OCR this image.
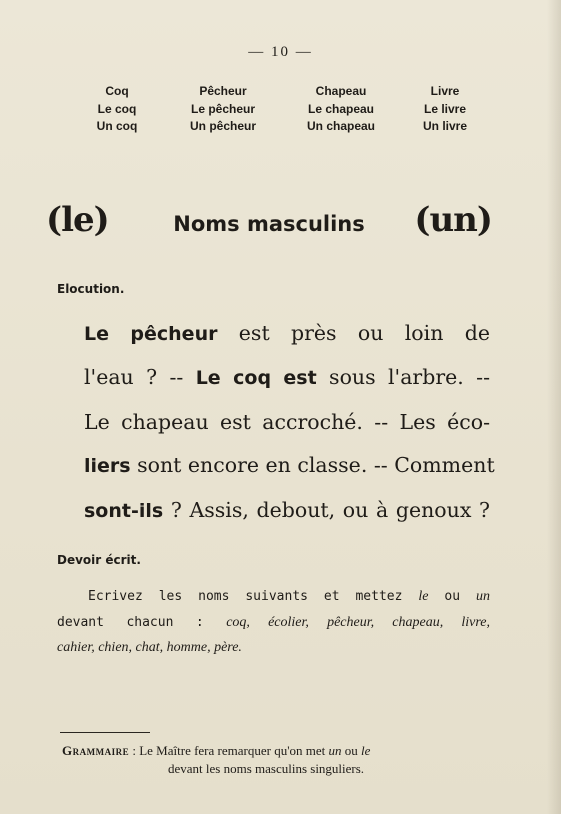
— 10 —
Coq
Le coq
Un coq
Pêcheur
Le pêcheur
Un pêcheur
Chapeau
Le chapeau
Un chapeau
Livre
Le livre
Un livre
(le)	Noms masculins	(un)
Elocution.
Le pêcheur est près ou loin de
l'eau ? -- Le coq est sous l'arbre. --
Le chapeau est accroché. -- Les éco-
liers sont encore en classe. -- Comment
sont-ils ? Assis, debout, ou à genoux ?
Devoir écrit.
Ecrivez les noms suivants et mettez le ou un
devant chacun : coq, écolier, pêcheur, chapeau, livre,
cahier, chien, chat, homme, père.
Grammaire : Le Maître fera remarquer qu'on met un ou le
devant les noms masculins singuliers.
